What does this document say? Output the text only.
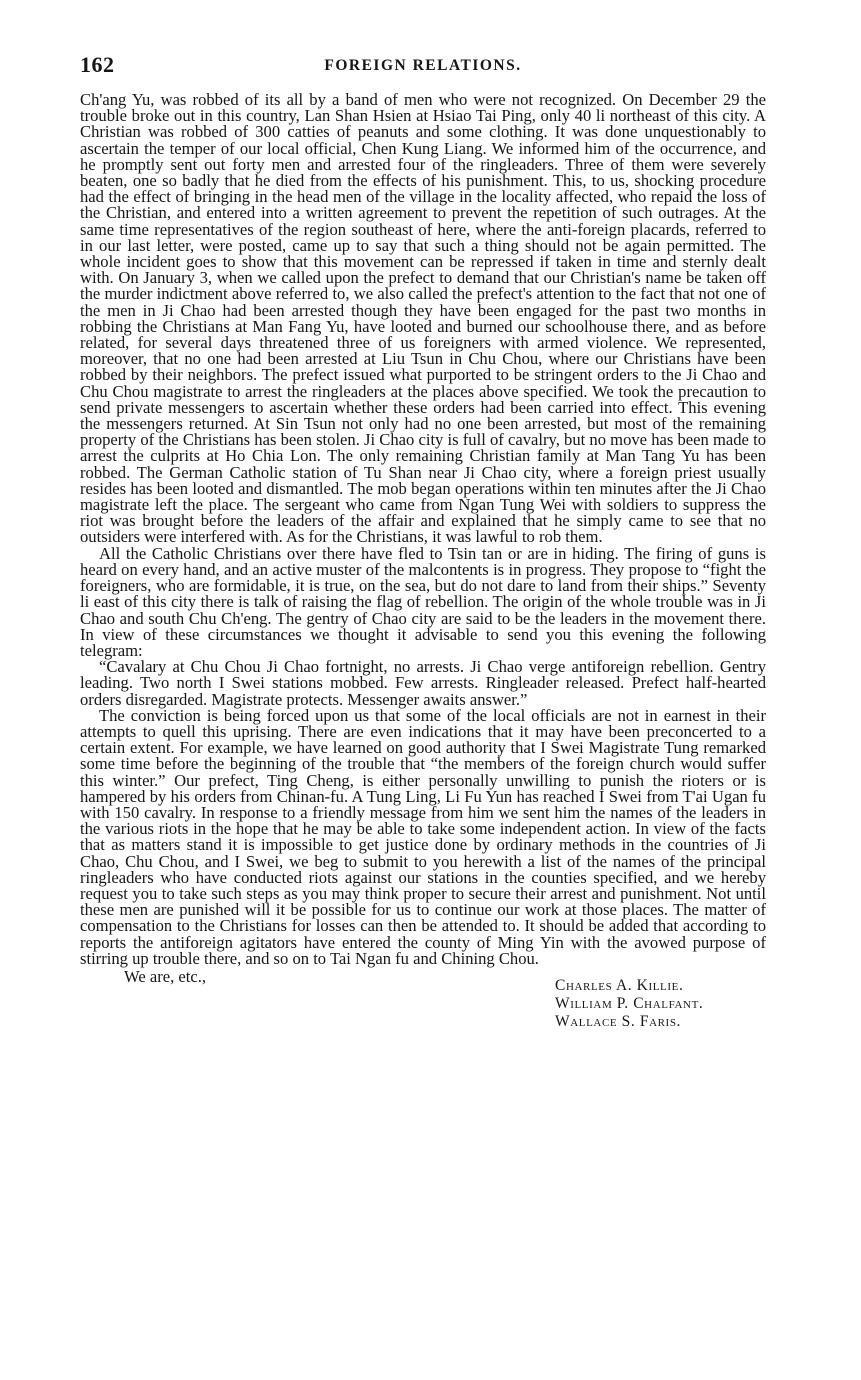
162	FOREIGN RELATIONS.

Ch'ang Yu, was robbed of its all by a band of men who were not recognized. On December 29 the trouble broke out in this country, Lan Shan Hsien at Hsiao Tai Ping, only 40 li northeast of this city. A Christian was robbed of 300 catties of peanuts and some clothing. It was done unquestionably to ascertain the temper of our local official, Chen Kung Liang. We informed him of the occurrence, and he promptly sent out forty men and arrested four of the ringleaders. Three of them were severely beaten, one so badly that he died from the effects of his punishment. This, to us, shocking procedure had the effect of bringing in the head men of the village in the locality affected, who repaid the loss of the Christian, and entered into a written agreement to prevent the repetition of such outrages. At the same time representatives of the region southeast of here, where the anti-foreign placards, referred to in our last letter, were posted, came up to say that such a thing should not be again permitted. The whole incident goes to show that this movement can be repressed if taken in time and sternly dealt with. On January 3, when we called upon the prefect to demand that our Christian's name be taken off the murder indictment above referred to, we also called the prefect's attention to the fact that not one of the men in Ji Chao had been arrested though they have been engaged for the past two months in robbing the Christians at Man Fang Yu, have looted and burned our schoolhouse there, and as before related, for several days threatened three of us foreigners with armed violence. We represented, moreover, that no one had been arrested at Liu Tsun in Chu Chou, where our Christians have been robbed by their neighbors. The prefect issued what purported to be stringent orders to the Ji Chao and Chu Chou magistrate to arrest the ringleaders at the places above specified. We took the precaution to send private messengers to ascertain whether these orders had been carried into effect. This evening the messengers returned. At Sin Tsun not only had no one been arrested, but most of the remaining property of the Christians has been stolen. Ji Chao city is full of cavalry, but no move has been made to arrest the culprits at Ho Chia Lon. The only remaining Christian family at Man Tang Yu has been robbed. The German Catholic station of Tu Shan near Ji Chao city, where a foreign priest usually resides has been looted and dismantled. The mob began operations within ten minutes after the Ji Chao magistrate left the place. The sergeant who came from Ngan Tung Wei with soldiers to suppress the riot was brought before the leaders of the affair and explained that he simply came to see that no outsiders were interfered with. As for the Christians, it was lawful to rob them.

All the Catholic Christians over there have fled to Tsin tan or are in hiding. The firing of guns is heard on every hand, and an active muster of the malcontents is in progress. They propose to “fight the foreigners, who are formidable, it is true, on the sea, but do not dare to land from their ships.” Seventy li east of this city there is talk of raising the flag of rebellion. The origin of the whole trouble was in Ji Chao and south Chu Ch'eng. The gentry of Chao city are said to be the leaders in the movement there. In view of these circumstances we thought it advisable to send you this evening the following telegram:

“Cavalary at Chu Chou Ji Chao fortnight, no arrests. Ji Chao verge antiforeign rebellion. Gentry leading. Two north I Swei stations mobbed. Few arrests. Ringleader released. Prefect half-hearted orders disregarded. Magistrate protects. Messenger awaits answer.”

The conviction is being forced upon us that some of the local officials are not in earnest in their attempts to quell this uprising. There are even indications that it may have been preconcerted to a certain extent. For example, we have learned on good authority that I Swei Magistrate Tung remarked some time before the beginning of the trouble that “the members of the foreign church would suffer this winter.” Our prefect, Ting Cheng, is either personally unwilling to punish the rioters or is hampered by his orders from Chinan-fu. A Tung Ling, Li Fu Yun has reached I Swei from T'ai Ugan fu with 150 cavalry. In response to a friendly message from him we sent him the names of the leaders in the various riots in the hope that he may be able to take some independent action. In view of the facts that as matters stand it is impossible to get justice done by ordinary methods in the countries of Ji Chao, Chu Chou, and I Swei, we beg to submit to you herewith a list of the names of the principal ringleaders who have conducted riots against our stations in the counties specified, and we hereby request you to take such steps as you may think proper to secure their arrest and punishment. Not until these men are punished will it be possible for us to continue our work at those places. The matter of compensation to the Christians for losses can then be attended to. It should be added that according to reports the antiforeign agitators have entered the county of Ming Yin with the avowed purpose of stirring up trouble there, and so on to Tai Ngan fu and Chining Chou.

We are, etc.,	Charles A. Killie.
William P. Chalfant.
Wallace S. Faris.
